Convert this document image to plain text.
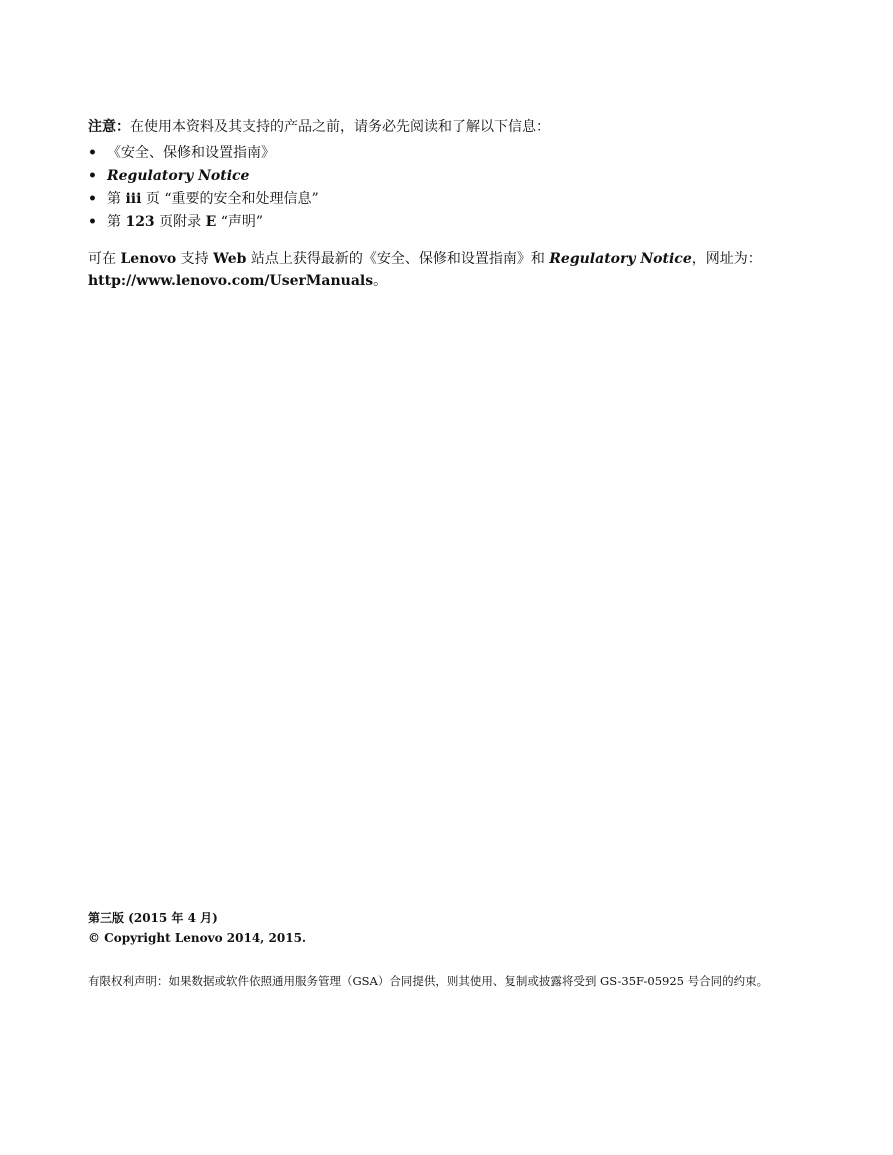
注意：在使用本资料及其支持的产品之前，请务必先阅读和了解以下信息：
• 《安全、保修和设置指南》
• Regulatory Notice
• 第 iii 页 “重要的安全和处理信息”
• 第 123 页附录 E “声明”
可在 Lenovo 支持 Web 站点上获得最新的《安全、保修和设置指南》和 Regulatory Notice，网址为：http://www.lenovo.com/UserManuals。
第三版 (2015 年 4 月)
© Copyright Lenovo 2014, 2015.
有限权利声明：如果数据或软件依照通用服务管理（GSA）合同提供，则其使用、复制或披露将受到 GS-35F-05925 号合同的约束。
